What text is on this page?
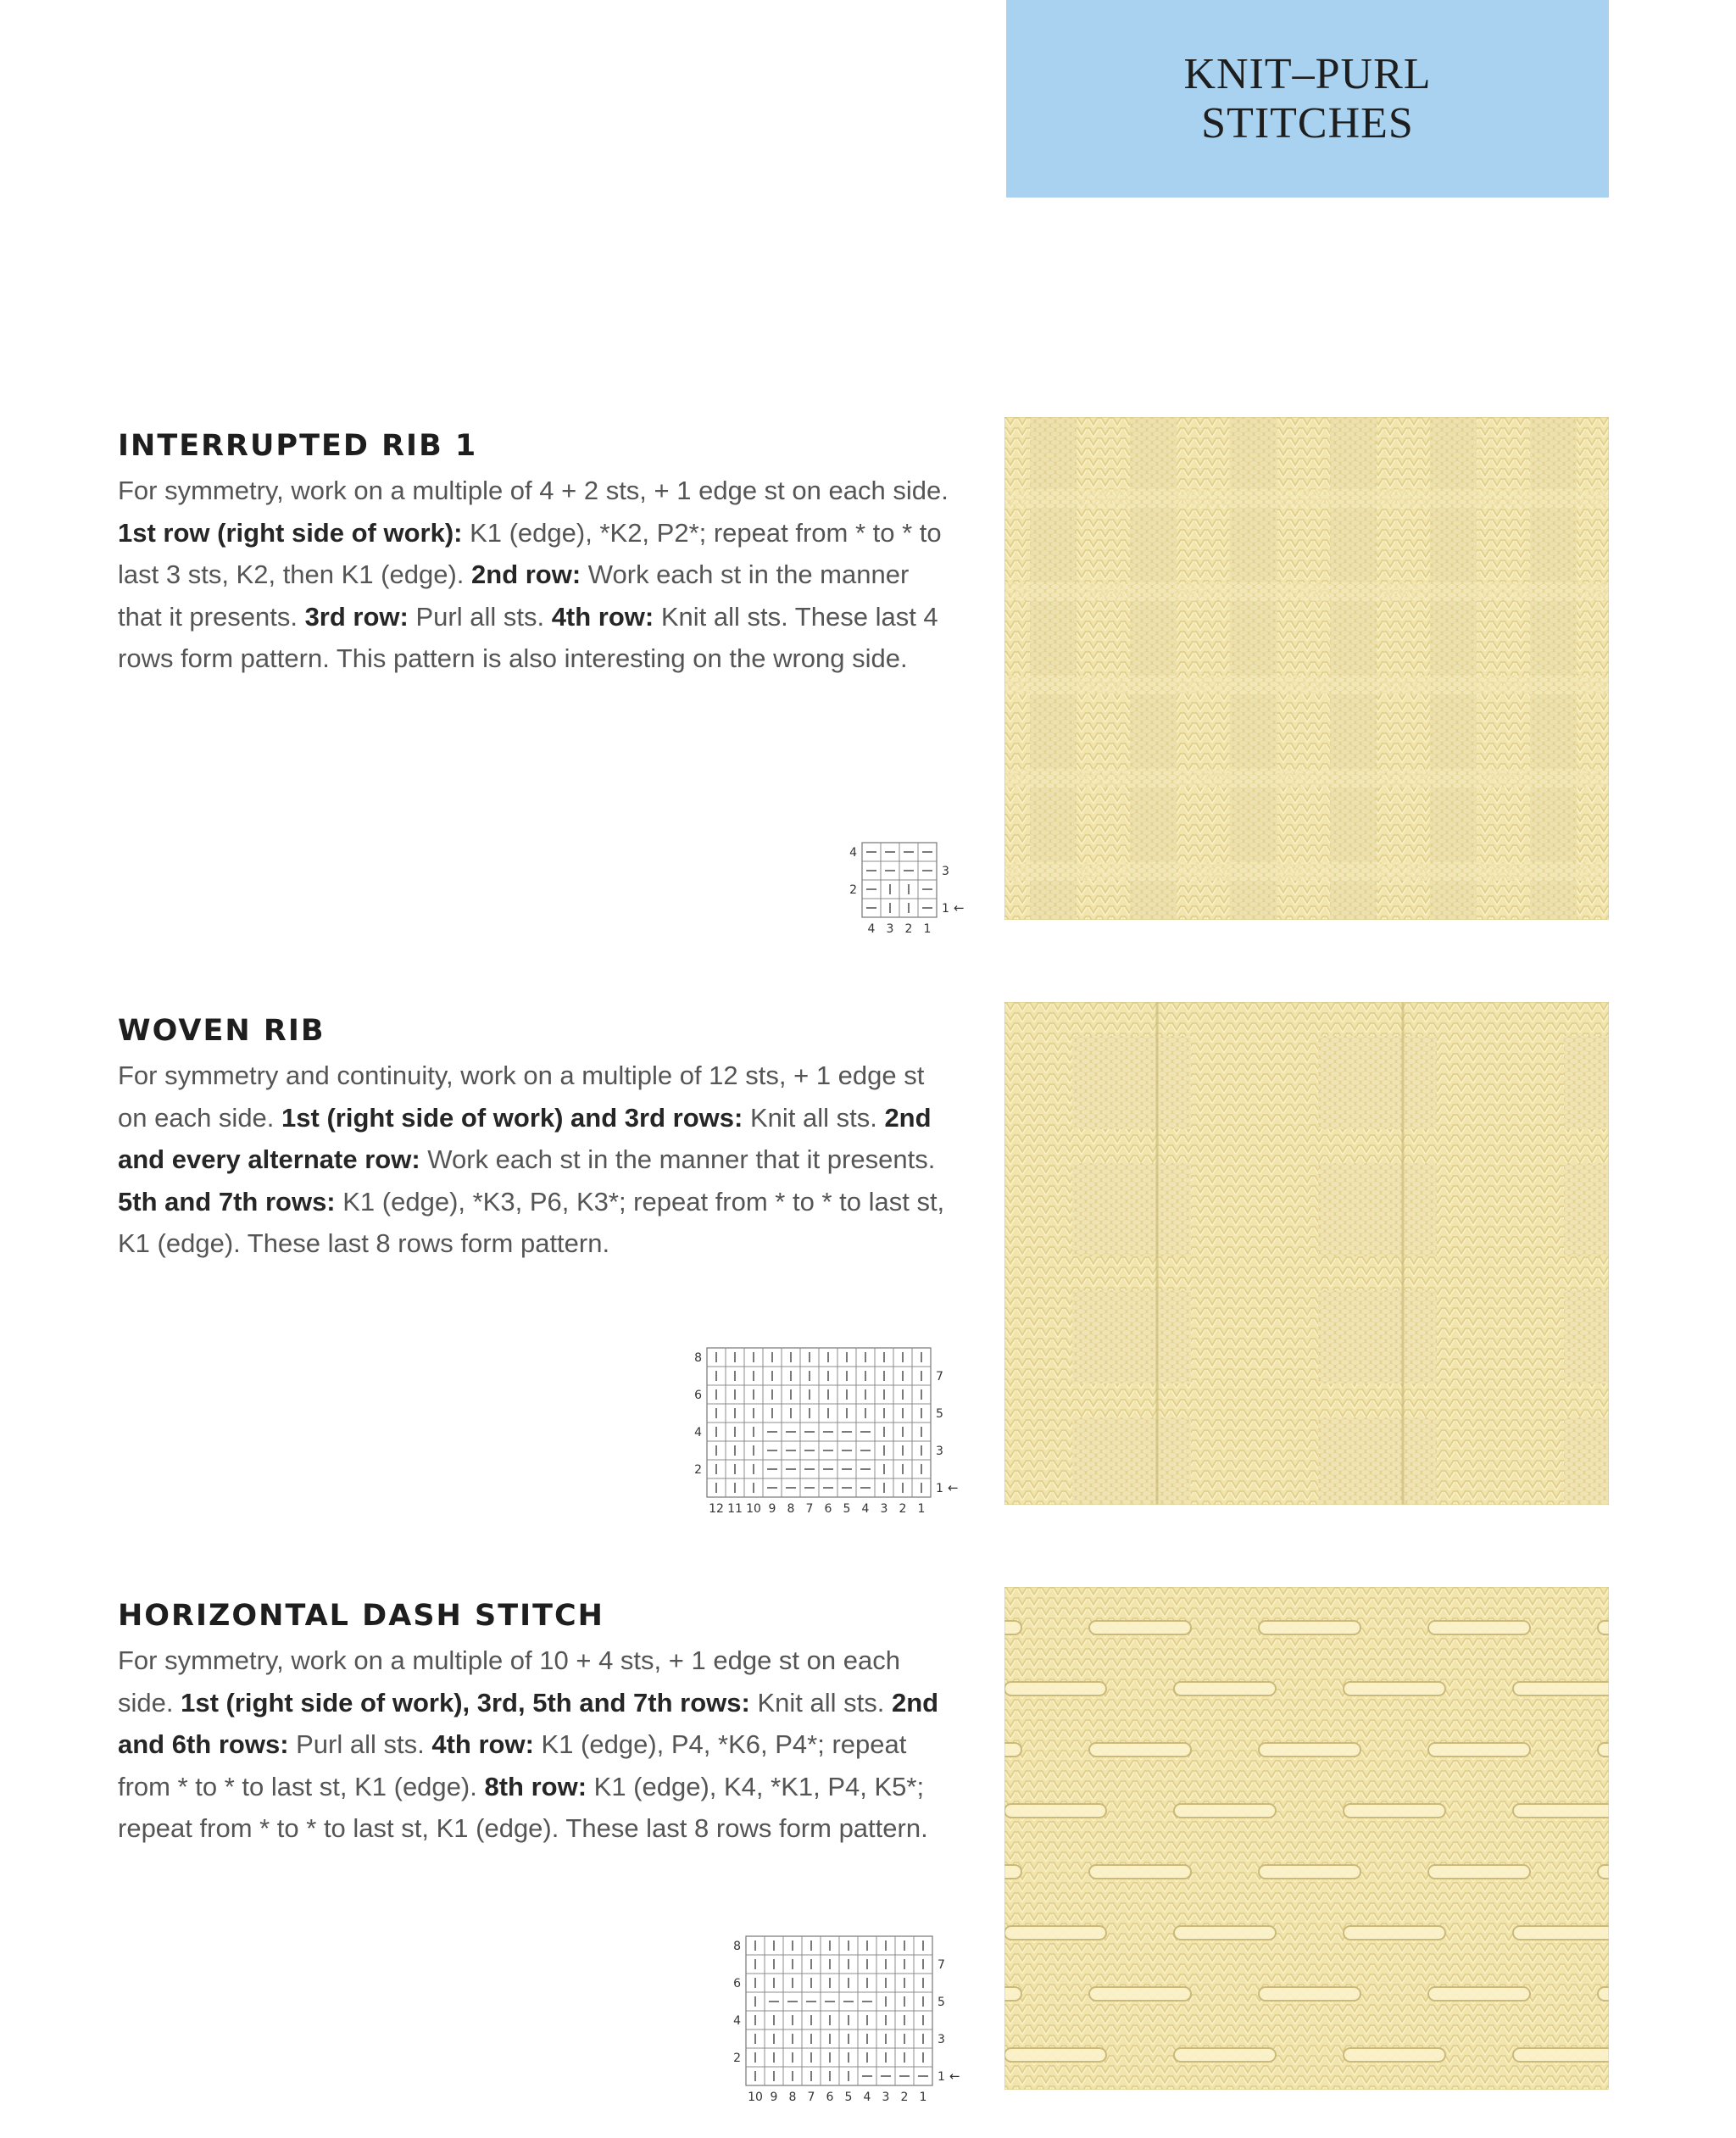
KNIT–PURL
STITCHES
INTERRUPTED RIB 1

For symmetry, work on a multiple of 4 + 2 sts, + 1 edge st on each side. 1st row (right side of work): K1 (edge), *K2, P2*; repeat from * to * to last 3 sts, K2, then K1 (edge). 2nd row: Work each st in the manner that it presents. 3rd row: Purl all sts. 4th row: Knit all sts. These last 4 rows form pattern. This pattern is also interesting on the wrong side.

2
4
1 ←
3
4 3 2 1
WOVEN RIB

For symmetry and continuity, work on a multiple of 12 sts, + 1 edge st on each side. 1st (right side of work) and 3rd rows: Knit all sts. 2nd and every alternate row: Work each st in the manner that it presents. 5th and 7th rows: K1 (edge), *K3, P6, K3*; repeat from * to * to last st, K1 (edge). These last 8 rows form pattern.

2
4
6
8
1 ←
3
5
7
12 11 10 9 8 7 6 5 4 3 2 1
HORIZONTAL DASH STITCH

For symmetry, work on a multiple of 10 + 4 sts, + 1 edge st on each side. 1st (right side of work), 3rd, 5th and 7th rows: Knit all sts. 2nd and 6th rows: Purl all sts. 4th row: K1 (edge), P4, *K6, P4*; repeat from * to * to last st, K1 (edge). 8th row: K1 (edge), K4, *K1, P4, K5*; repeat from * to * to last st, K1 (edge). These last 8 rows form pattern.

2
4
6
8
1 ←
3
5
7
10 9 8 7 6 5 4 3 2 1
